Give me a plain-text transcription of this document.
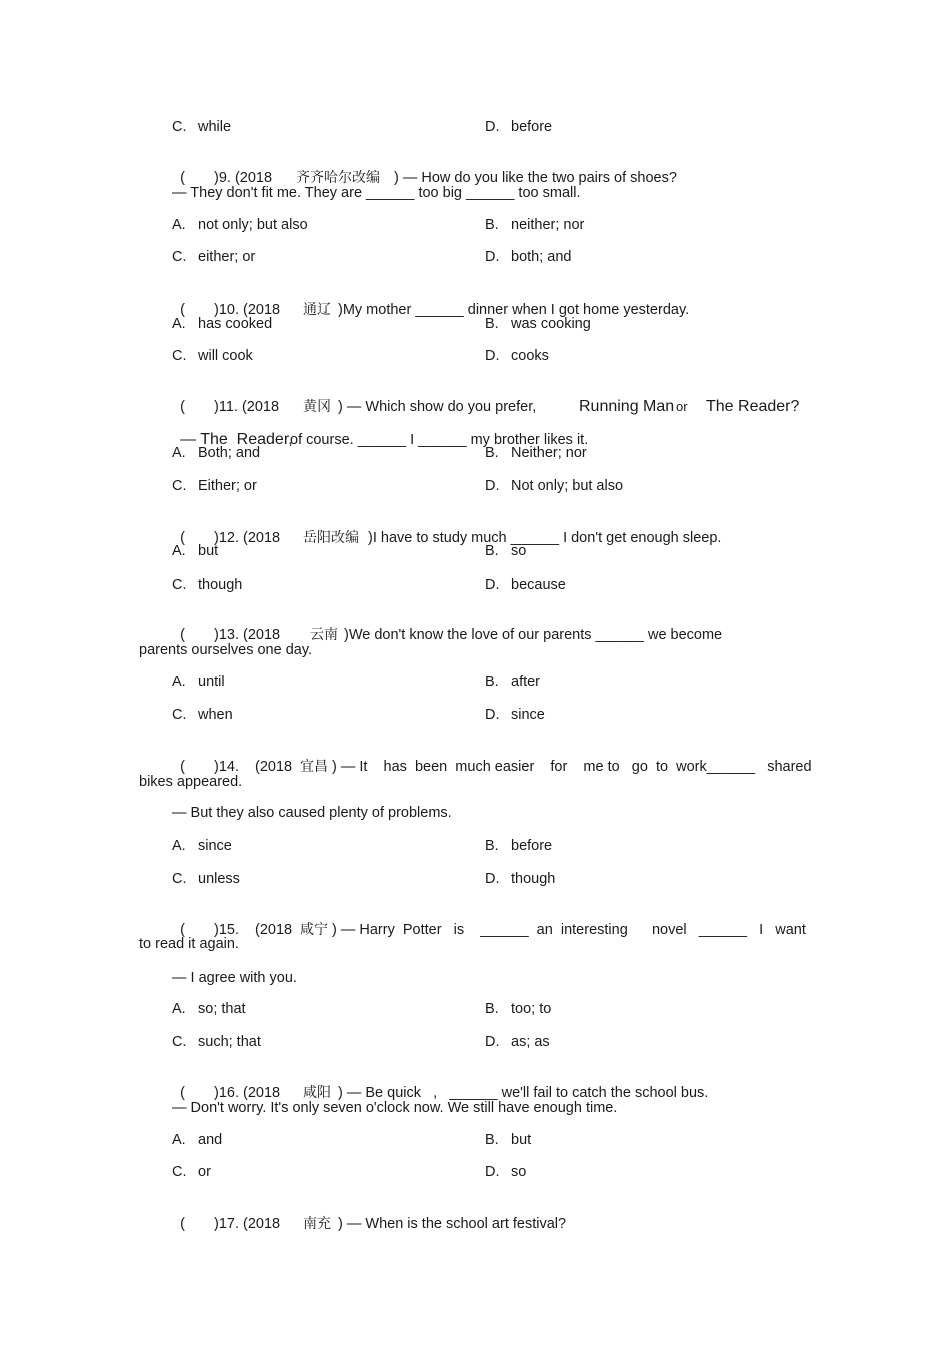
C. while	D. before

( )9. (2018 齐齐哈尔改编 ) — How do you like the two pairs of shoes?

— They don't fit me. They are ______ too big ______ too small.
A. not only; but also	B. neither; nor
C. either; or	D. both; and

( )10. (2018 通辽 )My mother ______ dinner when I got home yesterday.

A. has cooked	B. was cooking
C. will cook	D. cooks

( )11. (2018 黄冈 ) — Which show do you prefer,	Running Man or The Reader?

— The  Reader,
of course. ______ I ______ my brother likes it.

A. Both; and	B. Neither; nor
C. Either; or	D. Not only; but also

( )12. (2018 岳阳改编 )I have to study much ______ I don't get enough sleep.

A. but	B. so
C. though	D. because

( )13. (2018 云南 )We don't know the love of our parents ______ we become

parents ourselves one day.
A. until	B. after
C. when	D. since

( )14. (2018 宜昌 ) — It    has  been  much easier    for    me to   go  to  work______   shared

bikes appeared.
— But they also caused plenty of problems.
A. since	B. before
C. unless	D. though

( )15. (2018 咸宁 ) — Harry  Potter   is    ______  an  interesting      novel   ______   I   want

to read it again.
— I agree with you.
A. so; that	B. too; to
C. such; that	D. as; as

( )16. (2018 咸阳 ) — Be quick   ,   ______ we'll fail to catch the school bus.

— Don't worry. It's only seven o'clock now. We still have enough time.
A. and	B. but
C. or	D. so

( )17. (2018 南充 ) — When is the school art festival?
